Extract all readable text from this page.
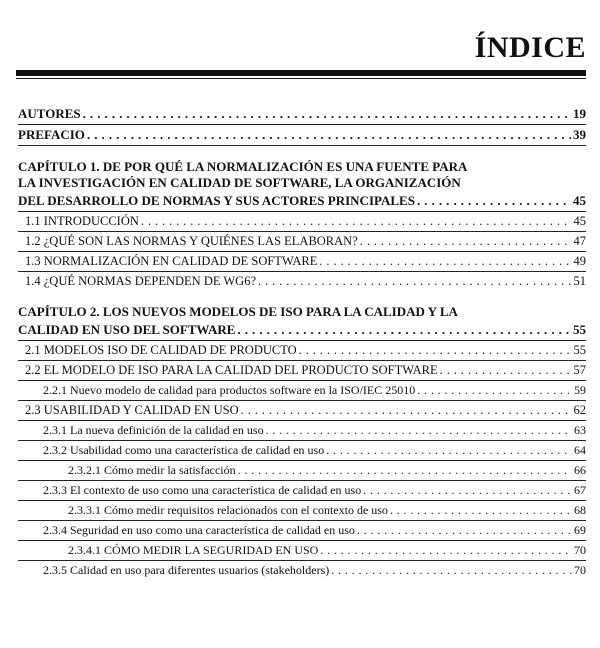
ÍNDICE
AUTORES . . .	19
PREFACIO . . .	39
CAPÍTULO 1. DE POR QUÉ LA NORMALIZACIÓN ES UNA FUENTE PARA
LA INVESTIGACIÓN EN CALIDAD DE SOFTWARE, LA ORGANIZACIÓN
DEL DESARROLLO DE NORMAS Y SUS ACTORES PRINCIPALES . . .	45
1.1 INTRODUCCIÓN . . .	45
1.2 ¿QUÉ SON LAS NORMAS Y QUIÉNES LAS ELABORAN? . . .	47
1.3 NORMALIZACIÓN EN CALIDAD DE SOFTWARE . . .	49
1.4 ¿QUÉ NORMAS DEPENDEN DE WG6? . . .	51
CAPÍTULO 2. LOS NUEVOS MODELOS DE ISO PARA LA CALIDAD Y LA
CALIDAD EN USO DEL SOFTWARE . . .	55
2.1 MODELOS ISO DE CALIDAD DE PRODUCTO . . .	55
2.2 EL MODELO DE ISO PARA LA CALIDAD DEL PRODUCTO SOFTWARE . . .	57
2.2.1 Nuevo modelo de calidad para productos software en la ISO/IEC 25010 . . .	59
2.3 USABILIDAD Y CALIDAD EN USO . . .	62
2.3.1 La nueva definición de la calidad en uso . . .	63
2.3.2 Usabilidad como una característica de calidad en uso . . .	64
2.3.2.1 Cómo medir la satisfacción . . .	66
2.3.3 El contexto de uso como una característica de calidad en uso . . .	67
2.3.3.1 Cómo medir requisitos relacionados con el contexto de uso . . .	68
2.3.4 Seguridad en uso como una característica de calidad en uso . . .	69
2.3.4.1 CÓMO MEDIR LA SEGURIDAD EN USO . . .	70
2.3.5 Calidad en uso para diferentes usuarios (stakeholders) . . .	70
